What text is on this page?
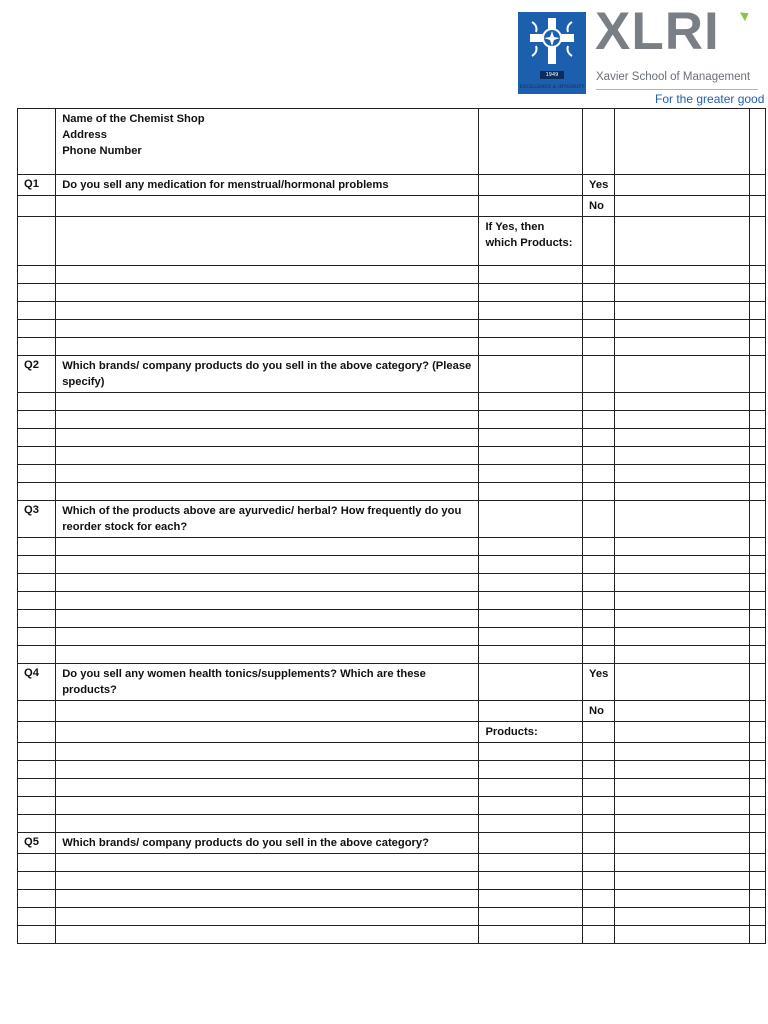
1949
EXCELLENCE & INTEGRITY
XLRI
Xavier School of Management
For the greater good

	Name of the Chemist Shop
Address
Phone Number				

Q1	Do you sell any medication for menstrual/hormonal problems		Yes		
			No		
		If Yes, then which Products:			

Q2	Which brands/ company products do you sell in the above category? (Please specify)				

Q3	Which of the products above are ayurvedic/ herbal? How frequently do you reorder stock for each?				

Q4	Do you sell any women health tonics/supplements? Which are these products?		Yes		
			No		
		Products:			

Q5	Which brands/ company products do you sell in the above category?				
